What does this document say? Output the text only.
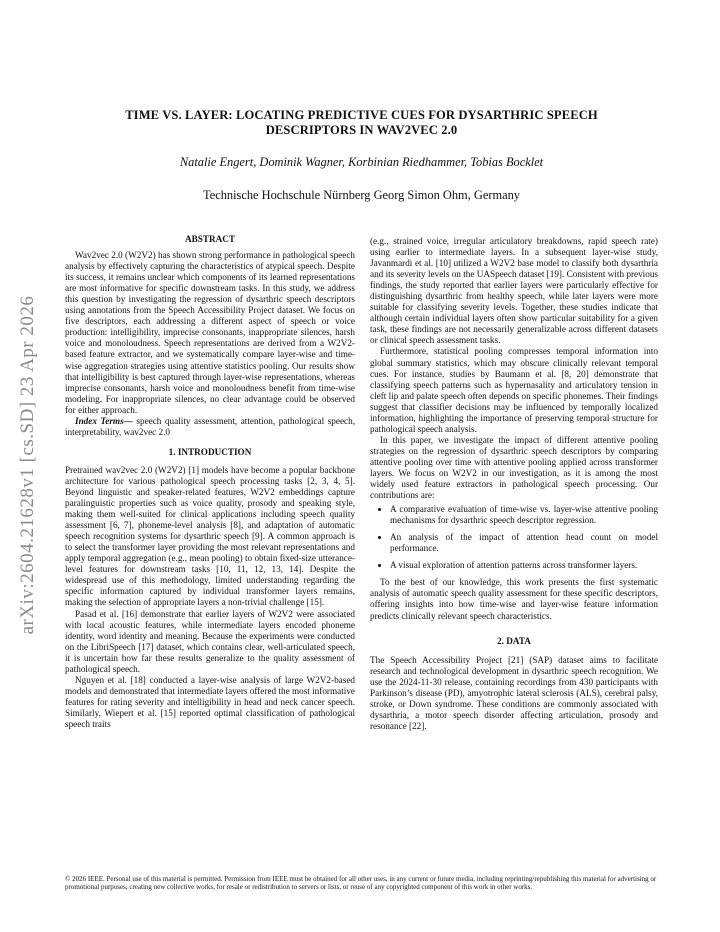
arXiv:2604.21628v1 [cs.SD] 23 Apr 2026
TIME VS. LAYER: LOCATING PREDICTIVE CUES FOR DYSARTHRIC SPEECH
DESCRIPTORS IN WAV2VEC 2.0
Natalie Engert, Dominik Wagner, Korbinian Riedhammer, Tobias Bocklet
Technische Hochschule Nürnberg Georg Simon Ohm, Germany
ABSTRACT

Wav2vec 2.0 (W2V2) has shown strong performance in pathological speech analysis by effectively capturing the characteristics of atypical speech. Despite its success, it remains unclear which components of its learned representations are most informative for specific downstream tasks. In this study, we address this question by investigating the regression of dysarthric speech descriptors using annotations from the Speech Accessibility Project dataset. We focus on five descriptors, each addressing a different aspect of speech or voice production: intelligibility, imprecise consonants, inappropriate silences, harsh voice and monoloudness. Speech representations are derived from a W2V2-based feature extractor, and we systematically compare layer-wise and time-wise aggregation strategies using attentive statistics pooling. Our results show that intelligibility is best captured through layer-wise representations, whereas imprecise consonants, harsh voice and monoloudness benefit from time-wise modeling. For inappropriate silences, no clear advantage could be observed for either approach.

Index Terms— speech quality assessment, attention, pathological speech, interpretability, wav2vec 2.0

1. INTRODUCTION

Pretrained wav2vec 2.0 (W2V2) [1] models have become a popular backbone architecture for various pathological speech processing tasks [2, 3, 4, 5]. Beyond linguistic and speaker-related features, W2V2 embeddings capture paralinguistic properties such as voice quality, prosody and speaking style, making them well-suited for clinical applications including speech quality assessment [6, 7], phoneme-level analysis [8], and adaptation of automatic speech recognition systems for dysarthric speech [9]. A common approach is to select the transformer layer providing the most relevant representations and apply temporal aggregation (e.g., mean pooling) to obtain fixed-size utterance-level features for downstream tasks [10, 11, 12, 13, 14]. Despite the widespread use of this methodology, limited understanding regarding the specific information captured by individual transformer layers remains, making the selection of appropriate layers a non-trivial challenge [15].

Pasad et al. [16] demonstrate that earlier layers of W2V2 were associated with local acoustic features, while intermediate layers encoded phoneme identity, word identity and meaning. Because the experiments were conducted on the LibriSpeech [17] dataset, which contains clear, well-articulated speech, it is uncertain how far these results generalize to the quality assessment of pathological speech.

Nguyen et al. [18] conducted a layer-wise analysis of large W2V2-based models and demonstrated that intermediate layers offered the most informative features for rating severity and intelligibility in head and neck cancer speech. Similarly, Wiepert et al. [15] reported optimal classification of pathological speech traits

(e.g., strained voice, irregular articulatory breakdowns, rapid speech rate) using earlier to intermediate layers. In a subsequent layer-wise study, Javanmardi et al. [10] utilized a W2V2 base model to classify both dysarthria and its severity levels on the UASpeech dataset [19]. Consistent with previous findings, the study reported that earlier layers were particularly effective for distinguishing dysarthric from healthy speech, while later layers were more suitable for classifying severity levels. Together, these studies indicate that although certain individual layers often show particular suitability for a given task, these findings are not necessarily generalizable across different datasets or clinical speech assessment tasks.

Furthermore, statistical pooling compresses temporal information into global summary statistics, which may obscure clinically relevant temporal cues. For instance, studies by Baumann et al. [8, 20] demonstrate that classifying speech patterns such as hypernasality and articulatory tension in cleft lip and palate speech often depends on specific phonemes. Their findings suggest that classifier decisions may be influenced by temporally localized information, highlighting the importance of preserving temporal structure for pathological speech analysis.

In this paper, we investigate the impact of different attentive pooling strategies on the regression of dysarthric speech descriptors by comparing attentive pooling over time with attentive pooling applied across transformer layers. We focus on W2V2 in our investigation, as it is among the most widely used feature extractors in pathological speech processing. Our contributions are:

• A comparative evaluation of time-wise vs. layer-wise attentive pooling mechanisms for dysarthric speech descriptor regression.
• An analysis of the impact of attention head count on model performance.
• A visual exploration of attention patterns across transformer layers.

To the best of our knowledge, this work presents the first systematic analysis of automatic speech quality assessment for these specific descriptors, offering insights into how time-wise and layer-wise feature information predicts clinically relevant speech characteristics.

2. DATA

The Speech Accessibility Project [21] (SAP) dataset aims to facilitate research and technological development in dysarthric speech recognition. We use the 2024-11-30 release, containing recordings from 430 participants with Parkinson’s disease (PD), amyotrophic lateral sclerosis (ALS), cerebral palsy, stroke, or Down syndrome. These conditions are commonly associated with dysarthria, a motor speech disorder affecting articulation, prosody and resonance [22].

© 2026 IEEE. Personal use of this material is permitted. Permission from IEEE must be obtained for all other uses, in any current or future media, including reprinting/republishing this material for advertising or promotional purposes, creating new collective works, for resale or redistribution to servers or lists, or reuse of any copyrighted component of this work in other works.
